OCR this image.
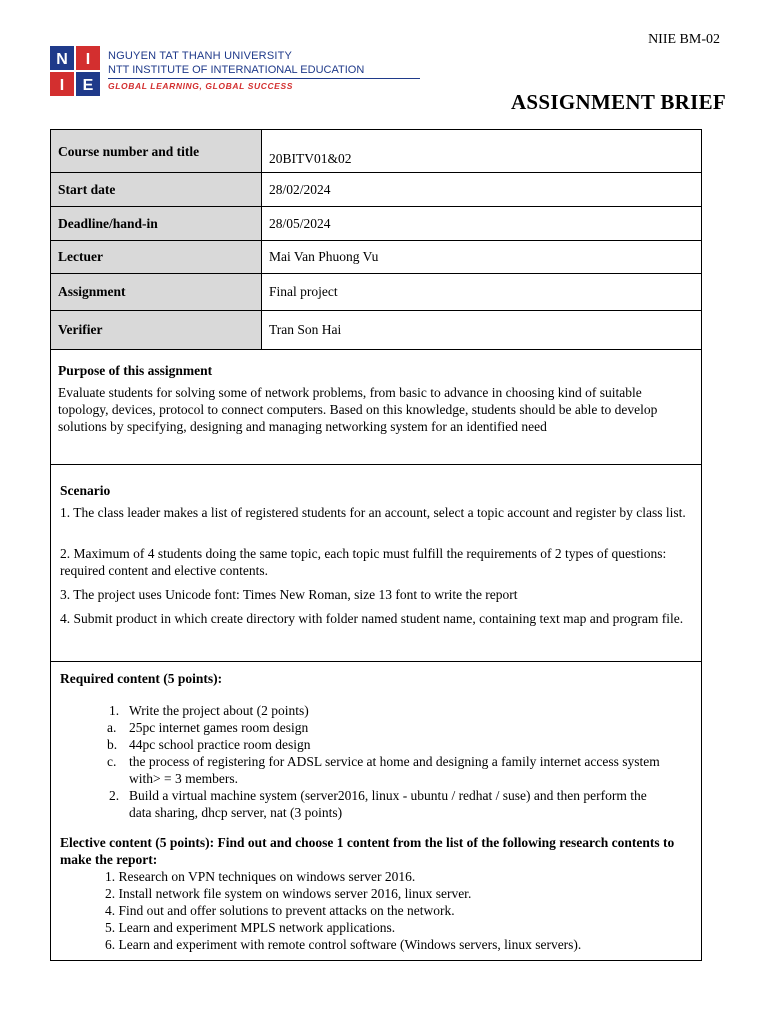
NIIE BM-02
N I
I E
NGUYEN TAT THANH UNIVERSITY
NTT INSTITUTE OF INTERNATIONAL EDUCATION
GLOBAL LEARNING, GLOBAL SUCCESS
ASSIGNMENT BRIEF
Course number and title	20BITV01&02
Start date	28/02/2024
Deadline/hand-in	28/05/2024
Lectuer	Mai Van Phuong Vu
Assignment	Final project
Verifier	Tran Son Hai

Purpose of this assignment

Evaluate students for solving some of network problems, from basic to advance in choosing kind of suitable topology, devices, protocol to connect computers. Based on this knowledge, students should be able to develop solutions by specifying, designing and managing networking system for an identified need

Scenario

1. The class leader makes a list of registered students for an account, select a topic account and register by class list.

2. Maximum of 4 students doing the same topic, each topic must fulfill the requirements of 2 types of questions: required content and elective contents.

3. The project uses Unicode font: Times New Roman, size 13 font to write the report

4. Submit product in which create directory with folder named student name, containing text map and program file.

Required content (5 points):

1. Write the project about (2 points)
a. 25pc internet games room design
b. 44pc school practice room design
c. the process of registering for ADSL service at home and designing a family internet access system with> = 3 members.
2. Build a virtual machine system (server2016, linux - ubuntu / redhat / suse) and then perform the data sharing, dhcp server, nat (3 points)

Elective content (5 points): Find out and choose 1 content from the list of the following research contents to make the report:

1. Research on VPN techniques on windows server 2016.

2. Install network file system on windows server 2016, linux server.

4. Find out and offer solutions to prevent attacks on the network.

5. Learn and experiment MPLS network applications.

6. Learn and experiment with remote control software (Windows servers, linux servers).
